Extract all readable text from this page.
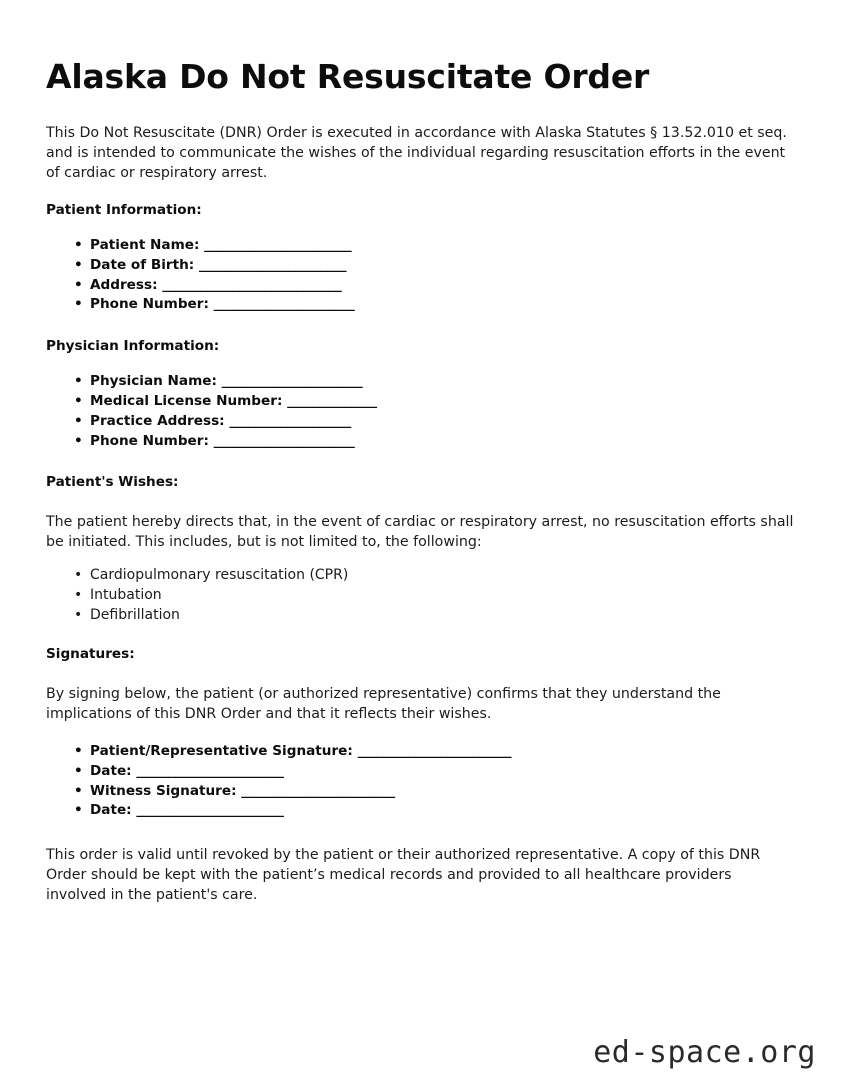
Alaska Do Not Resuscitate Order

This Do Not Resuscitate (DNR) Order is executed in accordance with Alaska Statutes § 13.52.010 et seq. and is intended to communicate the wishes of the individual regarding resuscitation efforts in the event of cardiac or respiratory arrest.

Patient Information:
• Patient Name: _______________________
• Date of Birth: _______________________
• Address: ____________________________
• Phone Number: ______________________
Physician Information:
• Physician Name: ______________________
• Medical License Number: ______________
• Practice Address: ___________________
• Phone Number: ______________________
Patient's Wishes:

The patient hereby directs that, in the event of cardiac or respiratory arrest, no resuscitation efforts shall be initiated. This includes, but is not limited to, the following:

• Cardiopulmonary resuscitation (CPR)
• Intubation
• Defibrillation
Signatures:

By signing below, the patient (or authorized representative) confirms that they understand the implications of this DNR Order and that it reflects their wishes.

• Patient/Representative Signature: ________________________
• Date: _______________________
• Witness Signature: ________________________
• Date: _______________________

This order is valid until revoked by the patient or their authorized representative. A copy of this DNR Order should be kept with the patient’s medical records and provided to all healthcare providers involved in the patient's care.

ed-space.org
